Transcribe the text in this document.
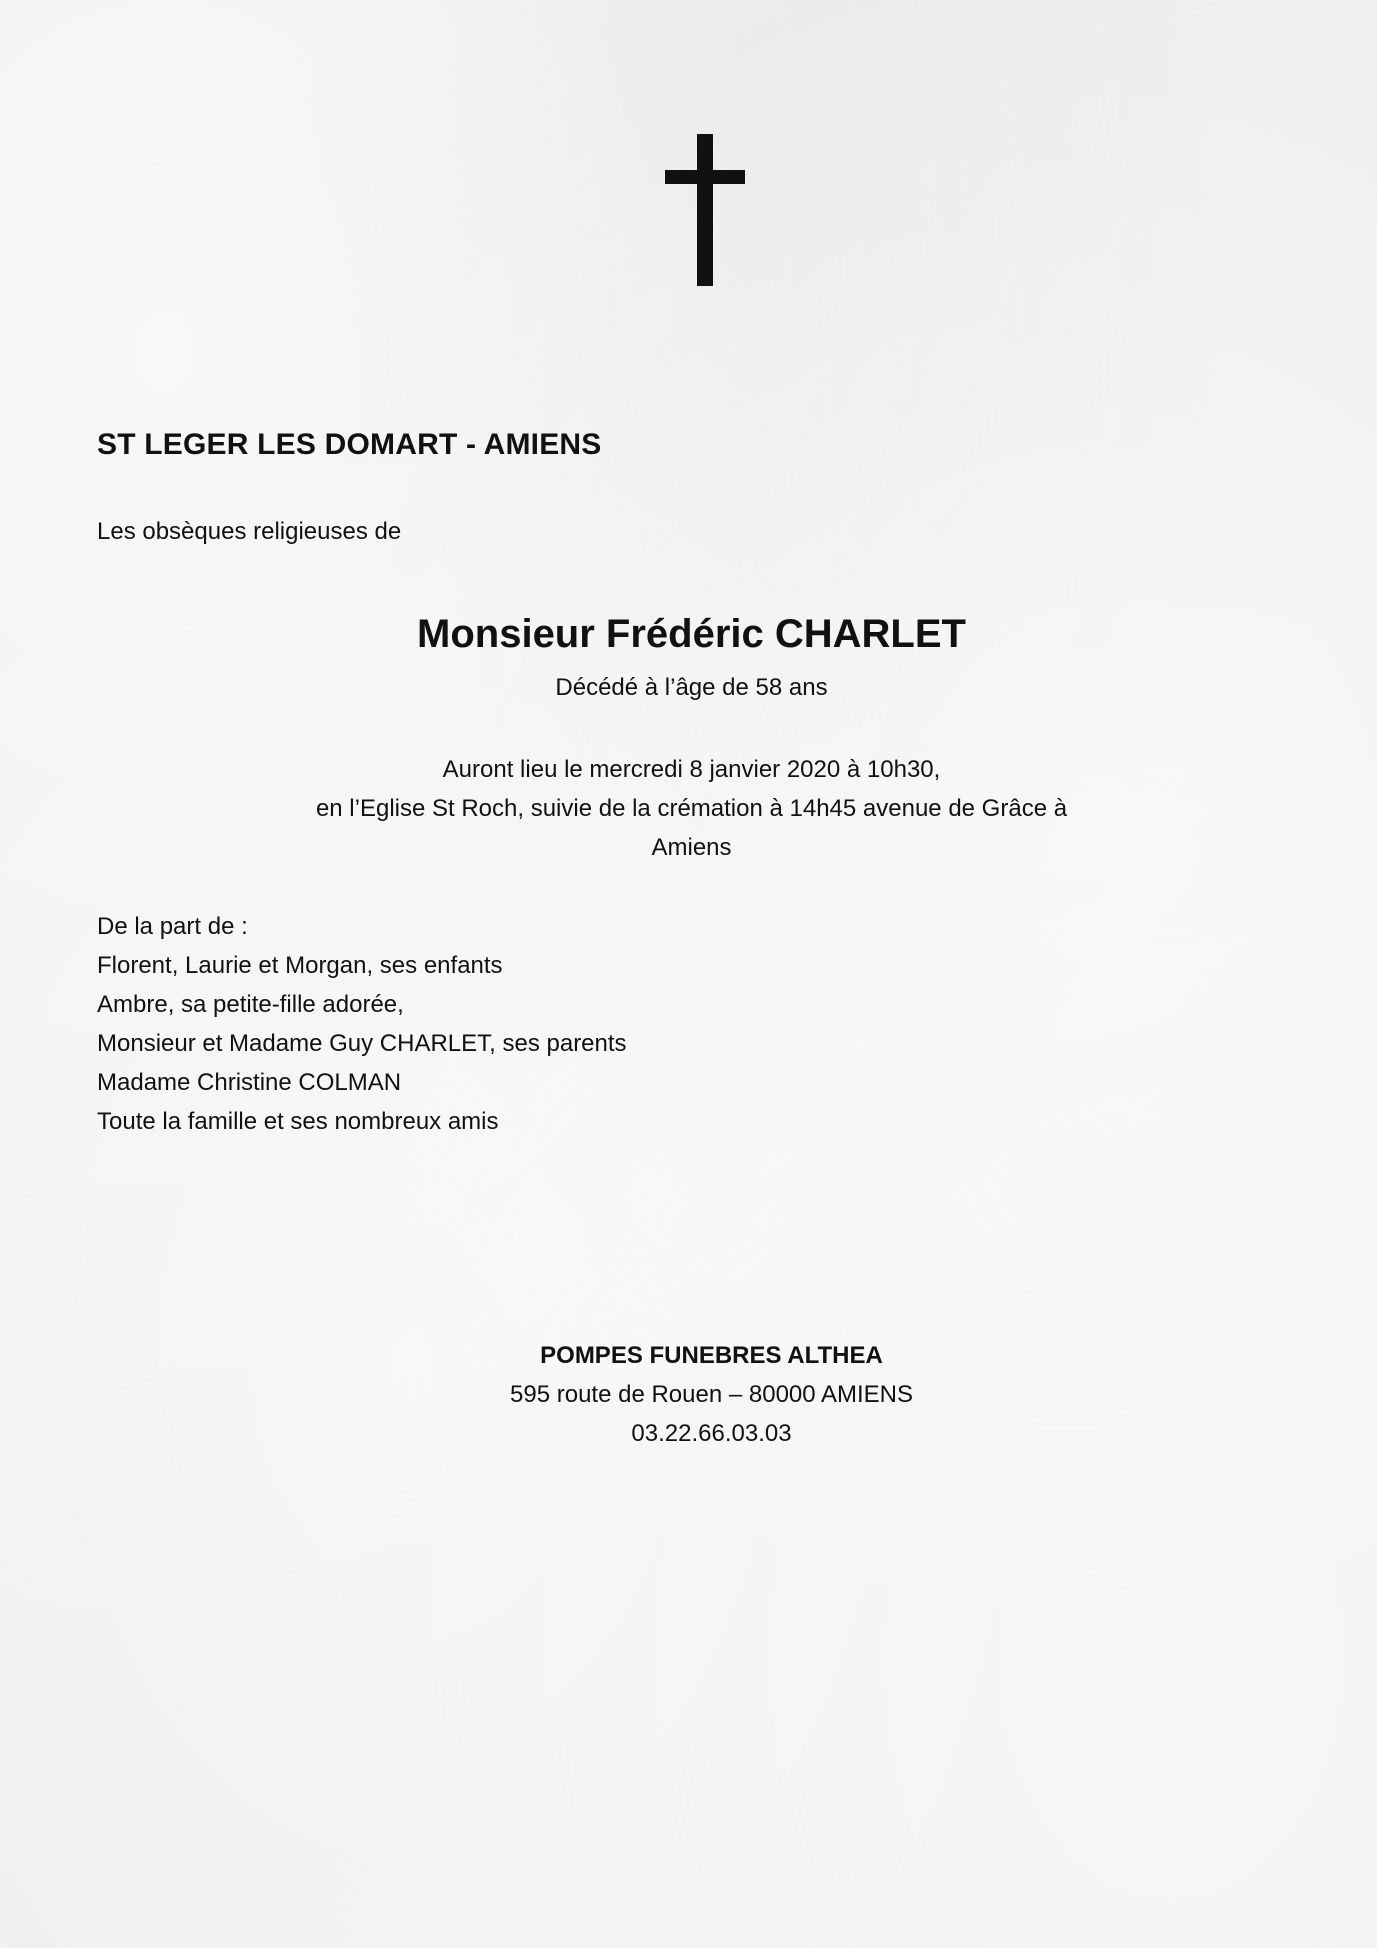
ST LEGER LES DOMART - AMIENS
Les obsèques religieuses de
Monsieur Frédéric CHARLET
Décédé à l’âge de 58 ans
Auront lieu le mercredi 8 janvier 2020 à 10h30,
en l’Eglise St Roch, suivie de la crémation à 14h45 avenue de Grâce à
Amiens
De la part de :
Florent, Laurie et Morgan, ses enfants
Ambre, sa petite-fille adorée,
Monsieur et Madame Guy CHARLET, ses parents
Madame Christine COLMAN
Toute la famille et ses nombreux amis
POMPES FUNEBRES ALTHEA
595 route de Rouen – 80000 AMIENS
03.22.66.03.03
